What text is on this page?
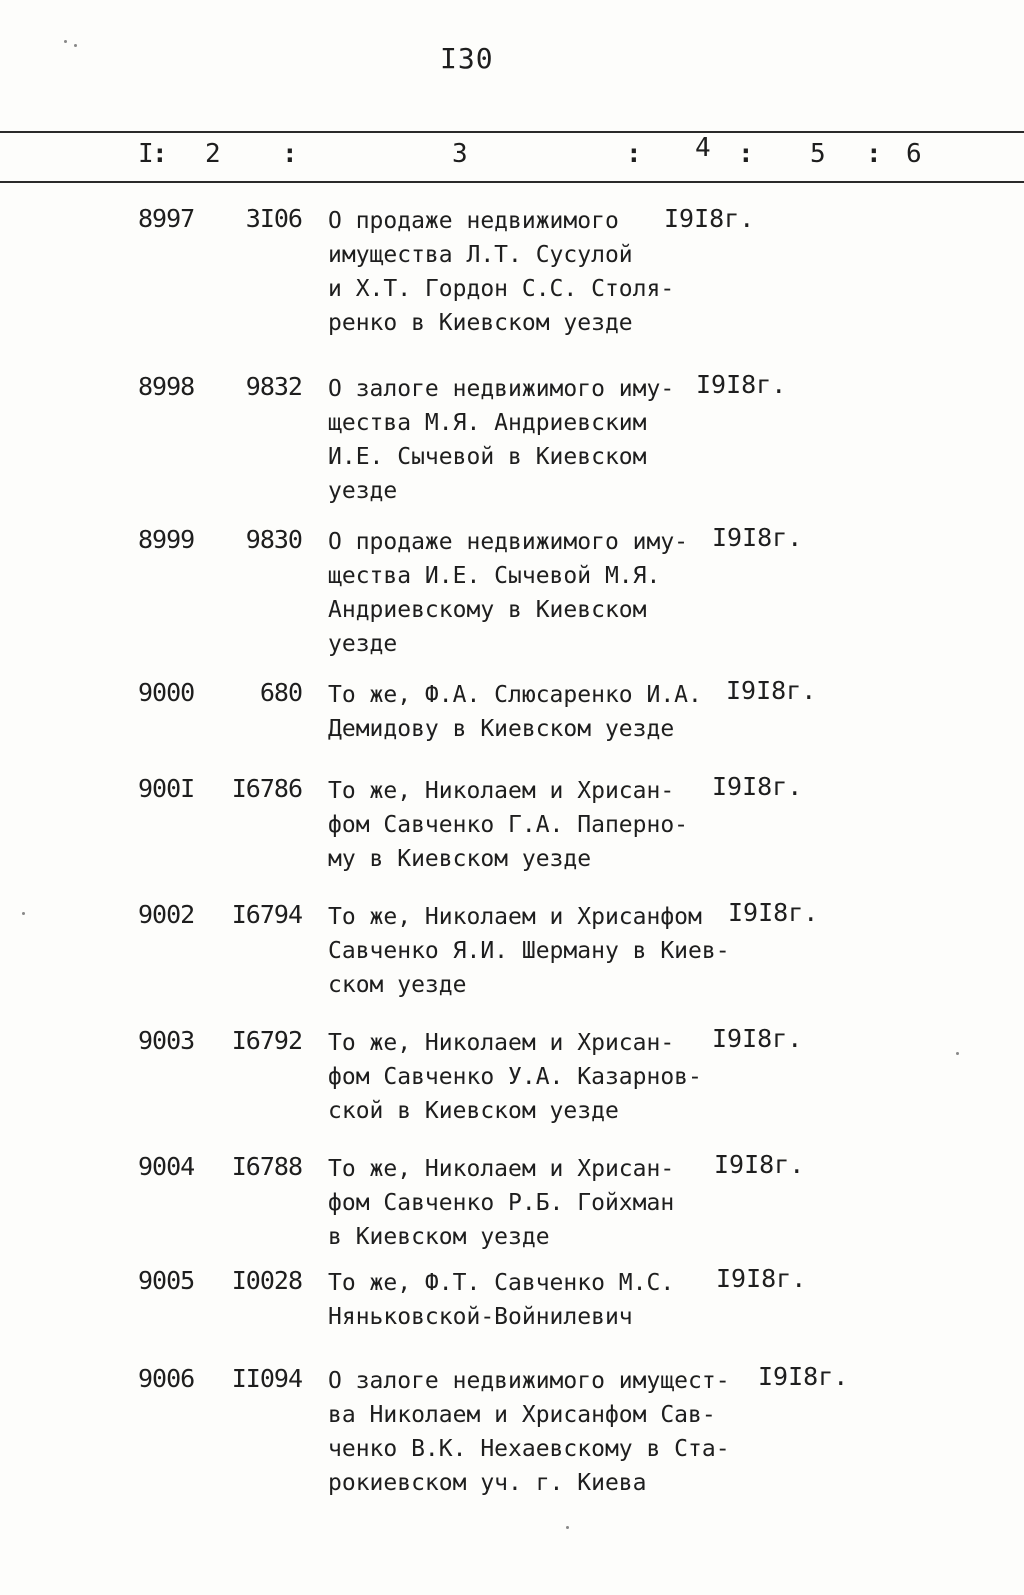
I30
I
: 2 :	3	: 4 : 5 : 6
8997	3I06 О продаже недвижимого
имущества Л.Т. Сусулой
и Х.Т. Гордон С.С. Столя-
ренко в Киевском уезде
I9I8г.
8998	9832 О залоге недвижимого иму-
щества М.Я. Андриевским
И.Е. Сычевой в Киевском
уезде
I9I8г.
8999	9830 О продаже недвижимого иму-
щества И.Е. Сычевой М.Я.
Андриевскому в Киевском
уезде
I9I8г.
9000	680 То же, Ф.А. Слюсаренко И.А.
Демидову в Киевском уезде
I9I8г.
900I	I6786 То же, Николаем и Хрисан-
фом Савченко Г.А. Паперно-
му в Киевском уезде
I9I8г.
9002	I6794 То же, Николаем и Хрисанфом
Савченко Я.И. Шерману в Киев-
ском уезде
I9I8г.
9003	I6792 То же, Николаем и Хрисан-
фом Савченко У.А. Казарнов-
ской в Киевском уезде
I9I8г.
9004	I6788 То же, Николаем и Хрисан-
фом Савченко Р.Б. Гойхман
в Киевском уезде
I9I8г.
9005	I0028 То же, Ф.Т. Савченко М.С.
Няньковской-Войнилевич
I9I8г.
9006	II094 О залоге недвижимого имущест-
ва Николаем и Хрисанфом Сав-
ченко В.К. Нехаевскому в Ста-
рокиевском уч. г. Киева
I9I8г.
